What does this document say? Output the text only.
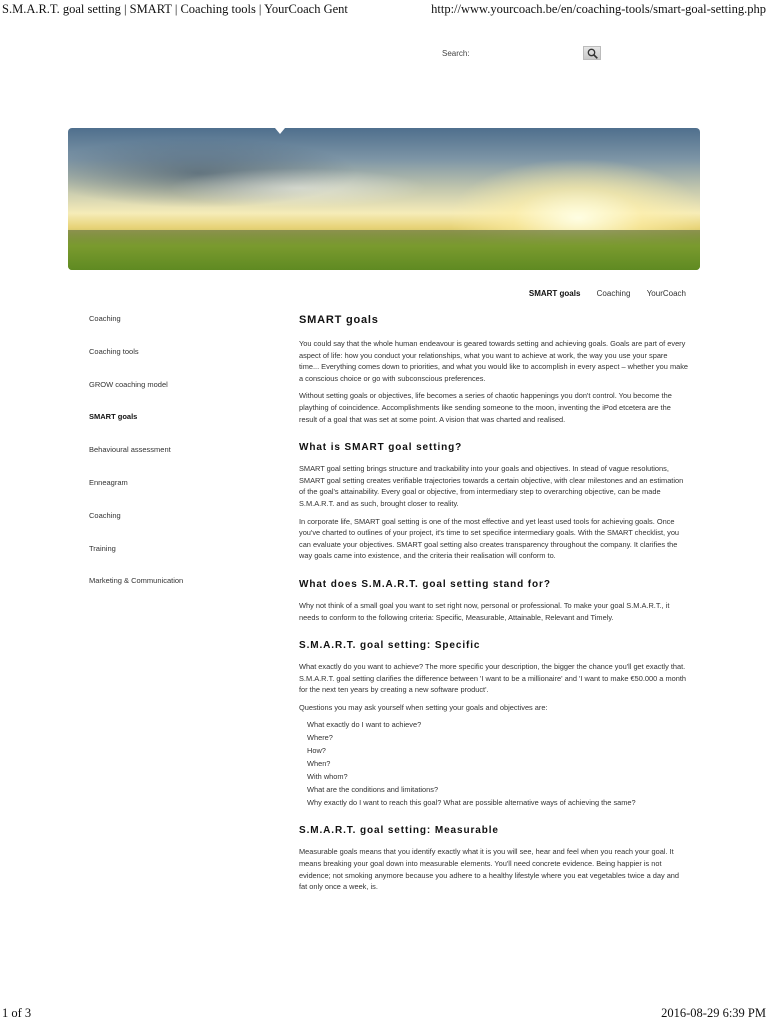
S.M.A.R.T. goal setting | SMART | Coaching tools | YourCoach Gent	http://www.yourcoach.be/en/coaching-tools/smart-goal-setting.php
Search:
SMART goals Coaching YourCoach
Coaching
Coaching tools
GROW coaching model
SMART goals
Behavioural assessment
Enneagram
Coaching
Training
Marketing & Communication
SMART goals

You could say that the whole human endeavour is geared towards setting and achieving goals. Goals are part of every aspect of life: how you conduct your relationships, what you want to achieve at work, the way you use your spare time... Everything comes down to priorities, and what you would like to accomplish in every aspect – whether you make a conscious choice or go with subconscious preferences.

Without setting goals or objectives, life becomes a series of chaotic happenings you don't control. You become the plaything of coincidence. Accomplishments like sending someone to the moon, inventing the iPod etcetera are the result of a goal that was set at some point. A vision that was charted and realised.

What is SMART goal setting?

SMART goal setting brings structure and trackability into your goals and objectives. In stead of vague resolutions, SMART goal setting creates verifiable trajectories towards a certain objective, with clear milestones and an estimation of the goal's attainability. Every goal or objective, from intermediary step to overarching objective, can be made S.M.A.R.T. and as such, brought closer to reality.

In corporate life, SMART goal setting is one of the most effective and yet least used tools for achieving goals. Once you've charted to outlines of your project, it's time to set specifice intermediary goals. With the SMART checklist, you can evaluate your objectives. SMART goal setting also creates transparency throughout the company. It clarifies the way goals came into existence, and the criteria their realisation will conform to.

What does S.M.A.R.T. goal setting stand for?

Why not think of a small goal you want to set right now, personal or professional. To make your goal S.M.A.R.T., it needs to conform to the following criteria: Specific, Measurable, Attainable, Relevant and Timely.

S.M.A.R.T. goal setting: Specific

What exactly do you want to achieve? The more specific your description, the bigger the chance you'll get exactly that. S.M.A.R.T. goal setting clarifies the difference between 'I want to be a millionaire' and 'I want to make €50.000 a month for the next ten years by creating a new software product'.

Questions you may ask yourself when setting your goals and objectives are:

What exactly do I want to achieve?
Where?
How?
When?
With whom?
What are the conditions and limitations?
Why exactly do I want to reach this goal? What are possible alternative ways of achieving the same?
S.M.A.R.T. goal setting: Measurable

Measurable goals means that you identify exactly what it is you will see, hear and feel when you reach your goal. It means breaking your goal down into measurable elements. You'll need concrete evidence. Being happier is not evidence; not smoking anymore because you adhere to a healthy lifestyle where you eat vegetables twice a day and fat only once a week, is.

1 of 3	2016-08-29 6:39 PM
